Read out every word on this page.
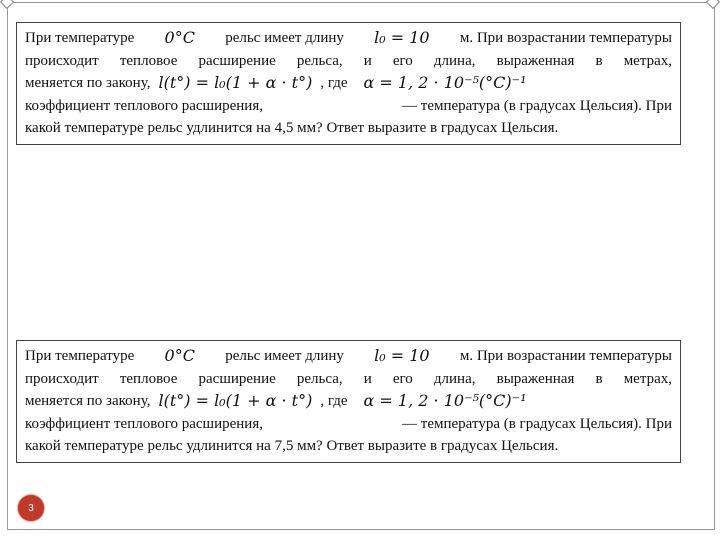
При температуре 0°C рельс имеет длину l₀ = 10 м. При возрастании температуры
происходит тепловое расширение рельса, и его длина, выраженная в метрах,
меняется по закону, l(t°) = l₀(1 + α · t°) , где α = 1, 2 · 10⁻⁵(°C)⁻¹
коэффициент теплового расширения,	— температура (в градусах Цельсия). При
какой температуре рельс удлинится на 4,5 мм? Ответ выразите в градусах Цельсия.
При температуре 0°C рельс имеет длину l₀ = 10 м. При возрастании температуры
происходит тепловое расширение рельса, и его длина, выраженная в метрах,
меняется по закону, l(t°) = l₀(1 + α · t°) , где α = 1, 2 · 10⁻⁵(°C)⁻¹
коэффициент теплового расширения,	— температура (в градусах Цельсия). При
какой температуре рельс удлинится на 7,5 мм? Ответ выразите в градусах Цельсия.
3
